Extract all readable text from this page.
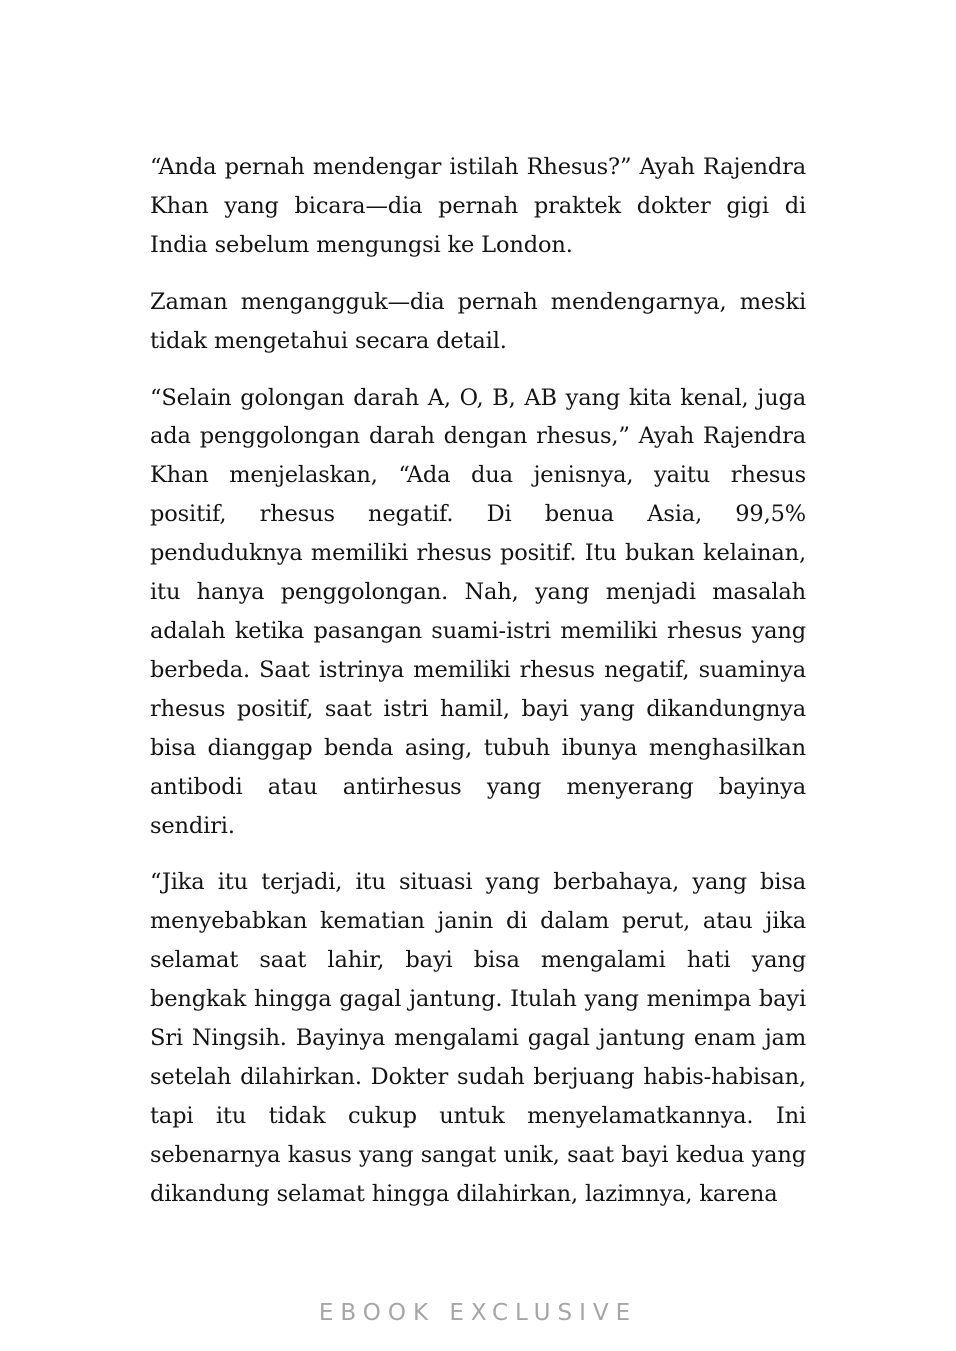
“Anda pernah mendengar istilah Rhesus?” Ayah Rajendra Khan yang bicara—dia pernah praktek dokter gigi di India sebelum mengungsi ke London.

Zaman mengangguk—dia pernah mendengarnya, meski tidak mengetahui secara detail.

“Selain golongan darah A, O, B, AB yang kita kenal, juga ada penggolongan darah dengan rhesus,” Ayah Rajendra Khan menjelaskan, “Ada dua jenisnya, yaitu rhesus positif, rhesus negatif. Di benua Asia, 99,5% penduduknya memiliki rhesus positif. Itu bukan kelainan, itu hanya penggolongan. Nah, yang menjadi masalah adalah ketika pasangan suami-istri memiliki rhesus yang berbeda. Saat istrinya memiliki rhesus negatif, suaminya rhesus positif, saat istri hamil, bayi yang dikandungnya bisa dianggap benda asing, tubuh ibunya menghasilkan antibodi atau antirhesus yang menyerang bayinya sendiri.

“Jika itu terjadi, itu situasi yang berbahaya, yang bisa menyebabkan kematian janin di dalam perut, atau jika selamat saat lahir, bayi bisa mengalami hati yang bengkak hingga gagal jantung. Itulah yang menimpa bayi Sri Ningsih. Bayinya mengalami gagal jantung enam jam setelah dilahirkan. Dokter sudah berjuang habis-habisan, tapi itu tidak cukup untuk menyelamatkannya. Ini sebenarnya kasus yang sangat unik, saat bayi kedua yang dikandung selamat hingga dilahirkan, lazimnya, karena

EBOOK EXCLUSIVE
